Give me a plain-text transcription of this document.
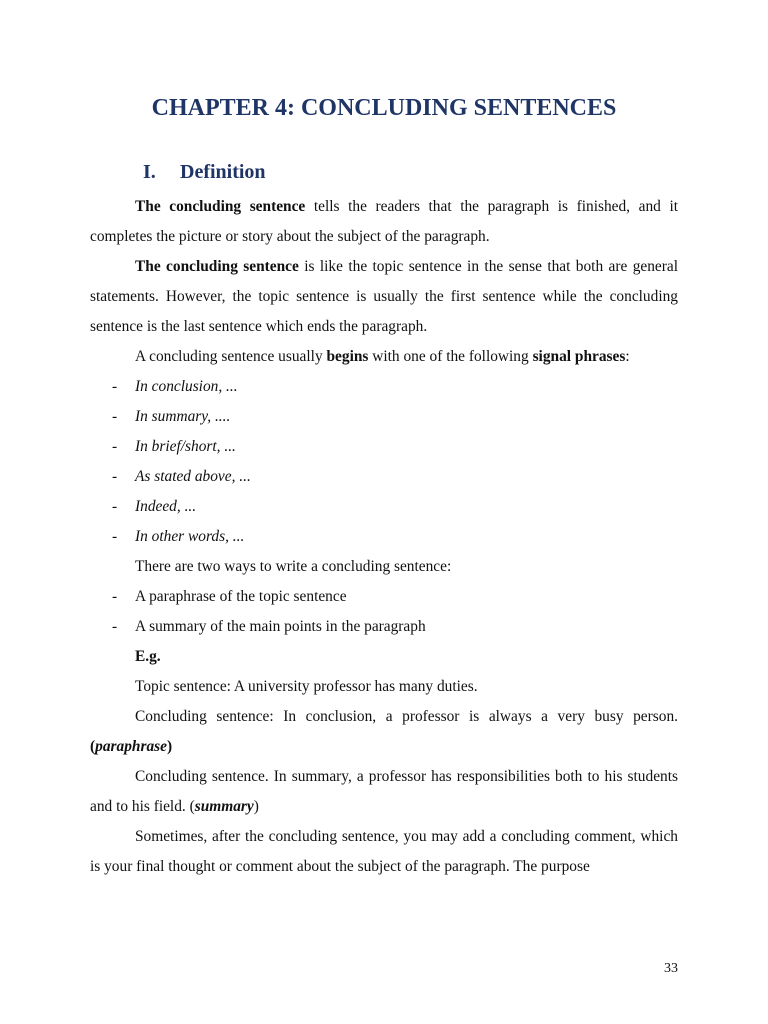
CHAPTER 4: CONCLUDING SENTENCES
I. Definition

The concluding sentence tells the readers that the paragraph is finished, and it completes the picture or story about the subject of the paragraph.

The concluding sentence is like the topic sentence in the sense that both are general statements. However, the topic sentence is usually the first sentence while the concluding sentence is the last sentence which ends the paragraph.

A concluding sentence usually begins with one of the following signal phrases:

- In conclusion, ...

- In summary, ....

- In brief/short, ...

- As stated above, ...

- Indeed, ...

- In other words, ...

There are two ways to write a concluding sentence:

- A paraphrase of the topic sentence

- A summary of the main points in the paragraph

E.g.

Topic sentence: A university professor has many duties.

Concluding sentence: In conclusion, a professor is always a very busy person. (paraphrase)

Concluding sentence. In summary, a professor has responsibilities both to his students and to his field. (summary)

Sometimes, after the concluding sentence, you may add a concluding comment, which is your final thought or comment about the subject of the paragraph. The purpose

33
